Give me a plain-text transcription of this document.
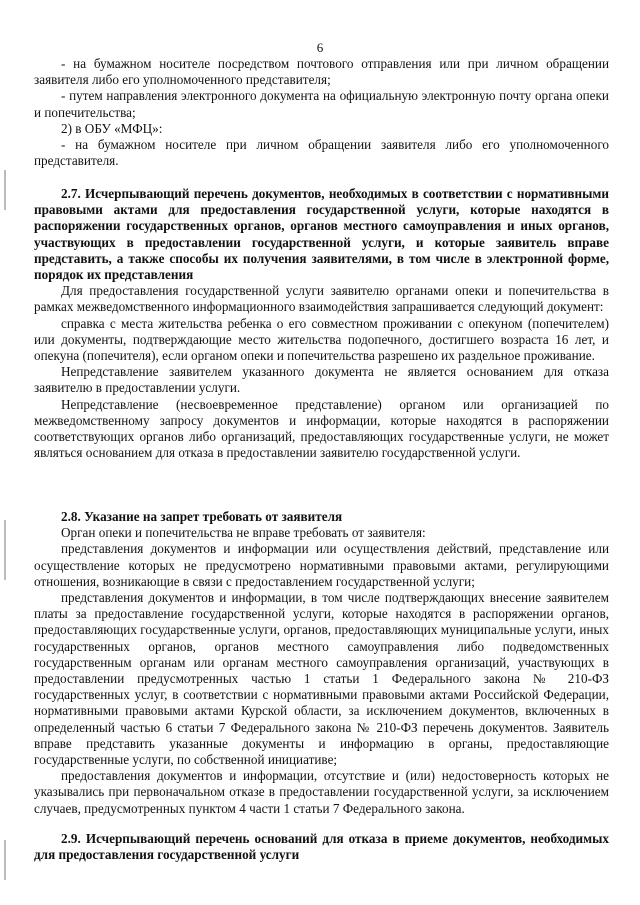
6

- на бумажном носителе посредством почтового отправления или при личном обращении заявителя либо его уполномоченного представителя;

- путем направления электронного документа на официальную электронную почту органа опеки и попечительства;

2) в ОБУ «МФЦ»:

- на бумажном носителе при личном обращении заявителя либо его уполномоченного представителя.

2.7. Исчерпывающий перечень документов, необходимых в соответствии с нормативными правовыми актами для предоставления государственной услуги, которые находятся в распоряжении государственных органов, органов местного самоуправления и иных органов, участвующих в предоставлении государственной услуги, и которые заявитель вправе представить, а также способы их получения заявителями, в том числе в электронной форме, порядок их представления

Для предоставления государственной услуги заявителю органами опеки и попечительства в рамках межведомственного информационного взаимодействия запрашивается следующий документ:

справка с места жительства ребенка о его совместном проживании с опекуном (попечителем) или документы, подтверждающие место жительства подопечного, достигшего возраста 16 лет, и опекуна (попечителя), если органом опеки и попечительства разрешено их раздельное проживание.

Непредставление заявителем указанного документа не является основанием для отказа заявителю в предоставлении услуги.

Непредставление (несвоевременное представление) органом или организацией по межведомственному запросу документов и информации, которые находятся в распоряжении соответствующих органов либо организаций, предоставляющих государственные услуги, не может являться основанием для отказа в предоставлении заявителю государственной услуги.

2.8. Указание на запрет требовать от заявителя

Орган опеки и попечительства не вправе требовать от заявителя:

представления документов и информации или осуществления действий, представление или осуществление которых не предусмотрено нормативными правовыми актами, регулирующими отношения, возникающие в связи с предоставлением государственной услуги;

представления документов и информации, в том числе подтверждающих внесение заявителем платы за предоставление государственной услуги, которые находятся в распоряжении органов, предоставляющих государственные услуги, органов, предоставляющих муниципальные услуги, иных государственных органов, органов местного самоуправления либо подведомственных государственным органам или органам местного самоуправления организаций, участвующих в предоставлении предусмотренных частью 1 статьи 1 Федерального закона № 210-ФЗ государственных услуг, в соответствии с нормативными правовыми актами Российской Федерации, нормативными правовыми актами Курской области, за исключением документов, включенных в определенный частью 6 статьи 7 Федерального закона № 210-ФЗ перечень документов. Заявитель вправе представить указанные документы и информацию в органы, предоставляющие государственные услуги, по собственной инициативе;

предоставления документов и информации, отсутствие и (или) недостоверность которых не указывались при первоначальном отказе в предоставлении государственной услуги, за исключением случаев, предусмотренных пунктом 4 части 1 статьи 7 Федерального закона.

2.9. Исчерпывающий перечень оснований для отказа в приеме документов, необходимых для предоставления государственной услуги
